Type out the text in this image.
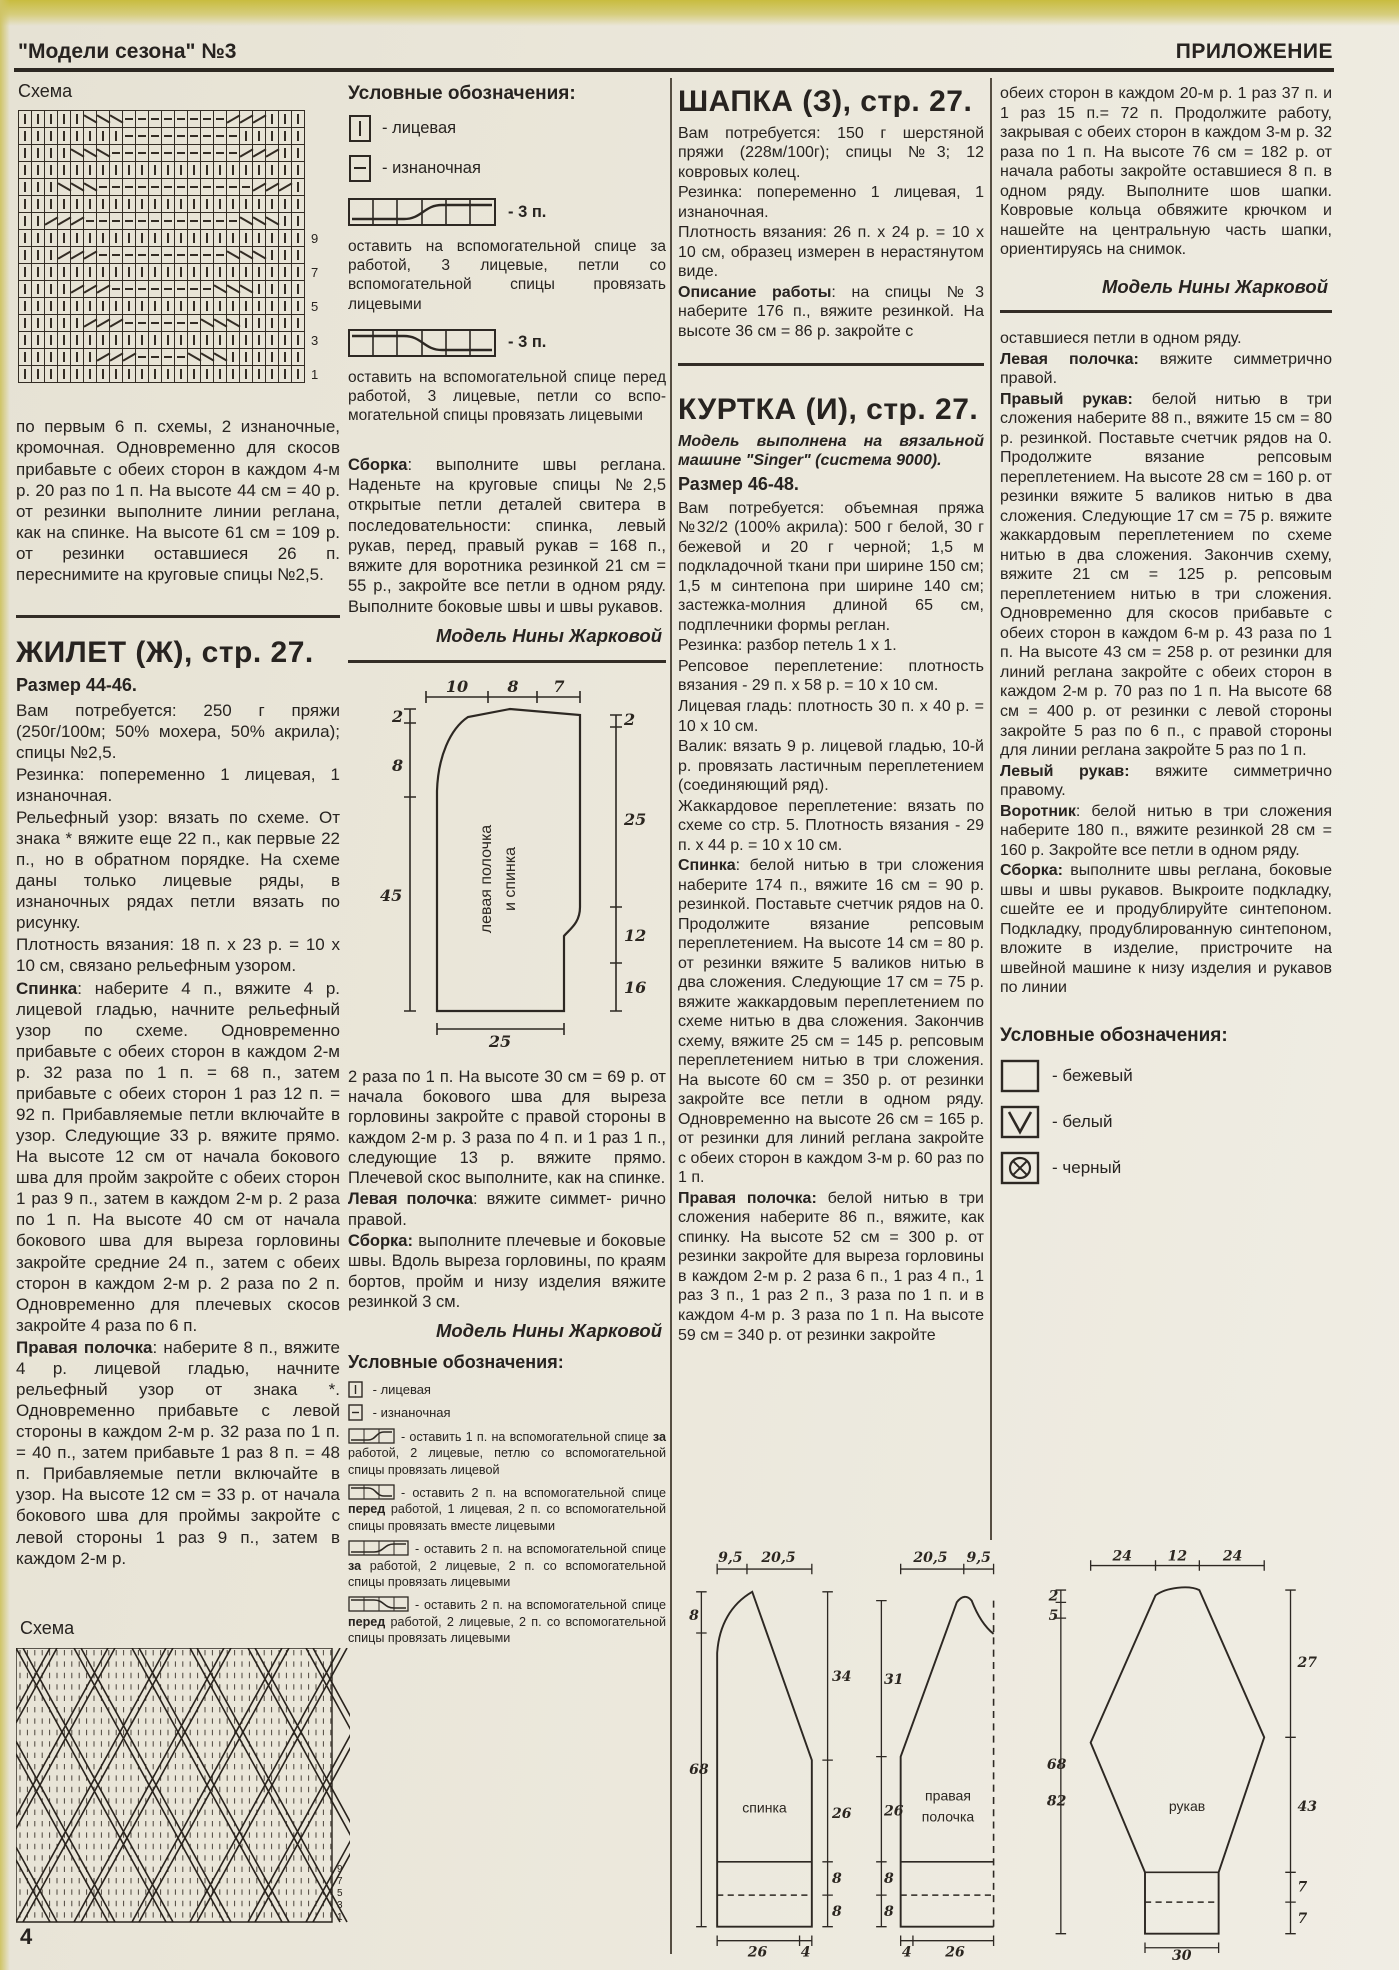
"Модели сезона" №3	ПРИЛОЖЕНИЕ
Схема
9
7
5
3
1

по первым 6 п. схемы, 2 изнаночные, кромочная. Одновременно для скосов прибавьте с обеих сторон в каждом 4-м р. 20 раз по 1 п. На высоте 44 см = 40 р. от резинки выполните линии реглана, как на спинке. На высоте 61 см = 109 р. от резинки оставшиеся 26 п. переснимите на круговые спицы №2,5.

ЖИЛЕТ (Ж), стр. 27.
Размер 44-46.

Вам потребуется: 250 г пряжи (250г/100м; 50% мохера, 50% акрила); спицы №2,5.

Резинка: попеременно 1 лицевая, 1 изнаночная.

Рельефный узор: вязать по схеме. От знака * вяжите еще 22 п., как первые 22 п., но в обратном порядке. На схеме даны только лицевые ряды, в изнаночных рядах петли вязать по рисунку.

Плотность вязания: 18 п. х 23 р. = 10 х 10 см, связано рельефным узором.

Спинка: наберите 4 п., вяжите 4 р. лицевой гладью, начните рельефный узор по схеме. Одновременно прибавьте с обеих сторон в каждом 2-м р. 32 раза по 1 п. = 68 п., затем прибавьте с обеих сторон 1 раз 12 п. = 92 п. Прибавляемые петли включайте в узор. Следующие 33 р. вяжите прямо. На высоте 12 см от начала бокового шва для пройм закройте с обеих сторон 1 раз 9 п., затем в каждом 2-м р. 2 раза по 1 п. На высоте 40 см от начала бокового шва для выреза горловины закройте средние 24 п., затем с обеих сторон в каждом 2-м р. 2 раза по 2 п. Одновременно для плечевых скосов закройте 4 раза по 6 п.

Правая полочка: наберите 8 п., вяжите 4 р. лицевой гладью, начните рельефный узор от знака *. Одновременно прибавьте с левой стороны в каждом 2-м р. 32 раза по 1 п. = 40 п., затем прибавьте 1 раз 8 п. = 48 п. Прибавляемые петли включайте в узор. На высоте 12 см = 33 р. от начала бокового шва для проймы закройте с левой стороны 1 раз 9 п., затем в каждом 2-м р.

Схема
9
7
5
3
1
Условные обозначения:
- лицевая
- изнаночная
- 3 п.

оставить на вспомогательной спице за работой, 3 лицевые, петли со вспомогательной спицы провязать лицевыми

- 3 п.

оставить на вспомогательной спице перед работой, 3 лицевые, петли со вспо- могательной спицы провязать лицевыми

Сборка: выполните швы реглана. Наденьте на круговые спицы №2,5 открытые петли деталей свитера в последовательности: спинка, левый рукав, перед, правый рукав = 168 п., вяжите для воротника резинкой 21 см = 55 р., закройте все петли в одном ряду. Выполните боковые швы и швы рукавов.

Модель Нины Жарковой
10 8 7
2
8
45
2
25
12
16
25
левая полочка и спинка

2 раза по 1 п. На высоте 30 см = 69 р. от начала бокового шва для выреза горловины закройте с правой стороны в каждом 2-м р. 3 раза по 4 п. и 1 раз 1 п., следующие 13 р. вяжите прямо. Плечевой скос выполните, как на спинке.

Левая полочка: вяжите симмет- рично правой.

Сборка: выполните плечевые и боковые швы. Вдоль выреза горловины, по краям бортов, пройм и низу изделия вяжите резинкой 3 см.

Модель Нины Жарковой
Условные обозначения:
- лицевая
- изнаночная

- оставить 1 п. на вспомогательной спице за работой, 2 лицевые, петлю со вспомогательной спицы провязать лицевой

- оставить 2 п. на вспомогательной спице перед работой, 1 лицевая, 2 п. со вспомогательной спицы провязать вместе лицевыми

- оставить 2 п. на вспомогательной спице за работой, 2 лицевые, 2 п. со вспомогательной спицы провязать лицевыми

- оставить 2 п. на вспомогательной спице перед работой, 2 лицевые, 2 п. со вспомогательной спицы провязать лицевыми

ШАПКА (З), стр. 27.

Вам потребуется: 150 г шерстяной пряжи (228м/100г); спицы №3; 12 ковровых колец.

Резинка: попеременно 1 лицевая, 1 изнаночная.

Плотность вязания: 26 п. х 24 р. = 10 х 10 см, образец измерен в нерастянутом виде.

Описание работы: на спицы №3 наберите 176 п., вяжите резинкой. На высоте 36 см = 86 р. закройте с

КУРТКА (И), стр. 27.

Модель выполнена на вязальной машине "Singer" (система 9000).

Размер 46-48.

Вам потребуется: объемная пряжа №32/2 (100% акрила): 500 г белой, 30 г бежевой и 20 г черной; 1,5 м подкладочной ткани при ширине 150 см; 1,5 м синтепона при ширине 140 см; застежка-молния длиной 65 см, подплечники формы реглан.

Резинка: разбор петель 1 х 1.

Репсовое переплетение: плотность вязания - 29 п. х 58 р. = 10 х 10 см.

Лицевая гладь: плотность 30 п. х 40 р. = 10 х 10 см.

Валик: вязать 9 р. лицевой гладью, 10-й р. провязать ластичным переплетением (соединяющий ряд).

Жаккардовое переплетение: вязать по схеме со стр. 5. Плотность вязания - 29 п. х 44 р. = 10 х 10 см.

Спинка: белой нитью в три сложения наберите 174 п., вяжите 16 см = 90 р. резинкой. Поставьте счетчик рядов на 0. Продолжите вязание репсовым переплетением. На высоте 14 см = 80 р. от резинки вяжите 5 валиков нитью в два сложения. Следующие 17 см = 75 р. вяжите жаккардовым переплетением по схеме нитью в два сложения. Закончив схему, вяжите 25 см = 145 р. репсовым переплетением нитью в три сложения. На высоте 60 см = 350 р. от резинки закройте все петли в одном ряду. Одновременно на высоте 26 см = 165 р. от резинки для линий реглана закройте с обеих сторон в каждом 3-м р. 60 раз по 1 п.

Правая полочка: белой нитью в три сложения наберите 86 п., вяжите, как спинку. На высоте 52 см = 300 р. от резинки закройте для выреза горловины в каждом 2-м р. 2 раза 6 п., 1 раз 4 п., 1 раз 3 п., 1 раз 2 п., 3 раза по 1 п. и в каждом 4-м р. 3 раза по 1 п. На высоте 59 см = 340 р. от резинки закройте

обеих сторон в каждом 20-м р. 1 раз 37 п. и 1 раз 15 п.= 72 п. Продолжите работу, закрывая с обеих сторон в каждом 3-м р. 32 раза по 1 п. На высоте 76 см = 182 р. от начала работы закройте оставшиеся 8 п. в одном ряду. Выполните шов шапки. Ковровые кольца обвяжите крючком и нашейте на центральную часть шапки, ориентируясь на снимок.

Модель Нины Жарковой

оставшиеся петли в одном ряду.

Левая полочка: вяжите симметрично правой.

Правый рукав: белой нитью в три сложения наберите 88 п., вяжите 15 см = 80 р. резинкой. Поставьте счетчик рядов на 0. Продолжите вязание репсовым переплетением. На высоте 28 см = 160 р. от резинки вяжите 5 валиков нитью в два сложения. Следующие 17 см = 75 р. вяжите жаккардовым переплетением по схеме нитью в два сложения. Закончив схему, вяжите 21 см = 125 р. репсовым переплетением нитью в три сложения. Одновременно для скосов прибавьте с обеих сторон в каждом 6-м р. 43 раза по 1 п. На высоте 43 см = 258 р. от резинки для линий реглана закройте с обеих сторон в каждом 2-м р. 70 раз по 1 п. На высоте 68 см = 400 р. от резинки с левой стороны закройте 5 раз по 6 п., с правой стороны для линии реглана закройте 5 раз по 1 п.

Левый рукав: вяжите симметрично правому.

Воротник: белой нитью в три сложения наберите 180 п., вяжите резинкой 28 см = 160 р. Закройте все петли в одном ряду.

Сборка: выполните швы реглана, боковые швы и швы рукавов. Выкроите подкладку, сшейте ее и продублируйте синтепоном. Подкладку, продублированную синтепоном, вложите в изделие, пристрочите на швейной машине к низу изделия и рукавов по линии

Условные обозначения:
- бежевый
- белый
- черный
9,5 20,5
8
68
34
26
8
8
26 4
спинка
20,5 9,5
31
26
8
8
4 26
правая
полочка
24 12 24
2
5
68
82
27
43
7
7
30
рукав
4
